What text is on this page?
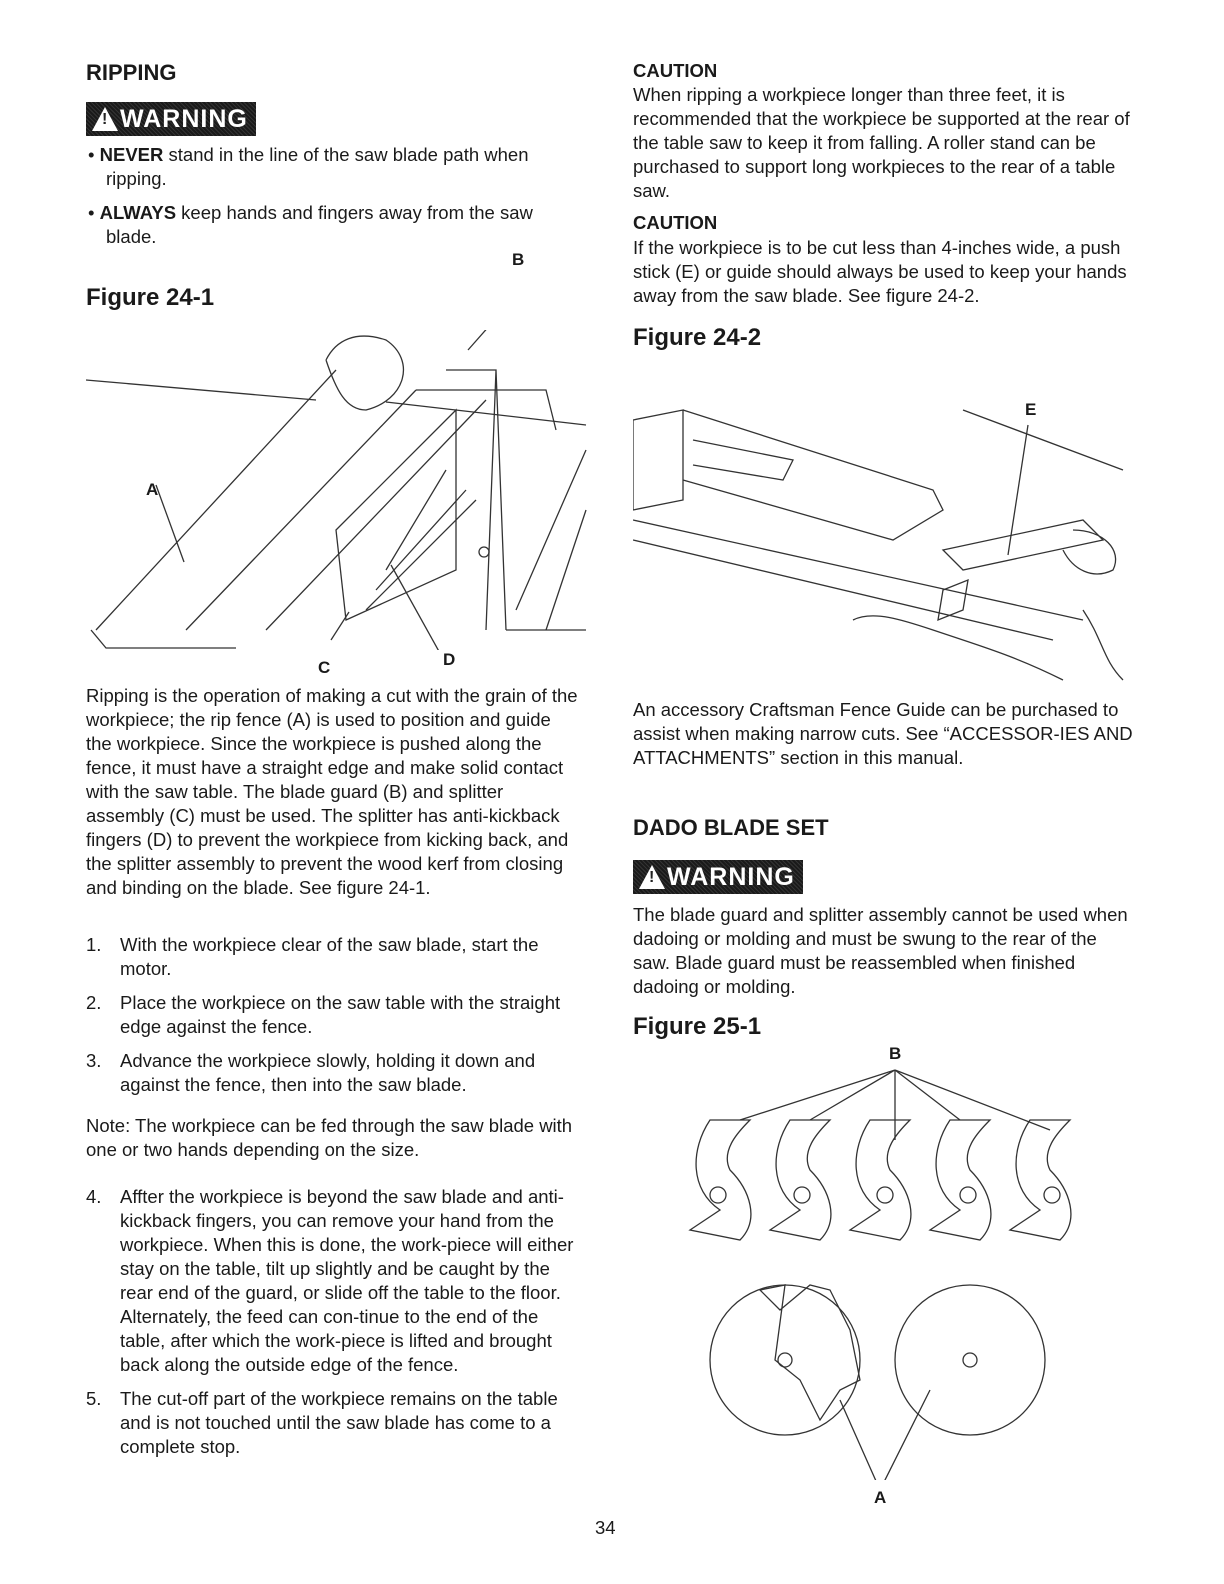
RIPPING
! WARNING
• NEVER stand in the line of the saw blade path when ripping.
• ALWAYS keep hands and fingers away from the saw blade.
Figure 24-1
B
A
C	D
Ripping is the operation of making a cut with the grain of the workpiece; the rip fence (A) is used to position and guide the workpiece. Since the workpiece is pushed along the fence, it must have a straight edge and make solid contact with the saw table. The blade guard (B) and splitter assembly (C) must be used. The splitter has anti-kickback fingers (D) to prevent the workpiece from kicking back, and the splitter assembly to prevent the wood kerf from closing and binding on the blade. See figure 24-1.
1.	With the workpiece clear of the saw blade, start the motor.
2.	Place the workpiece on the saw table with the straight edge against the fence.
3.	Advance the workpiece slowly, holding it down and against the fence, then into the saw blade.
Note: The workpiece can be fed through the saw blade with one or two hands depending on the size.
4.	Affter the workpiece is beyond the saw blade and anti-kickback fingers, you can remove your hand from the workpiece. When this is done, the work-piece will either stay on the table, tilt up slightly and be caught by the rear end of the guard, or slide off the table to the floor. Alternately, the feed can con-tinue to the end of the table, after which the work-piece is lifted and brought back along the outside edge of the fence.
5.	The cut-off part of the workpiece remains on the table and is not touched until the saw blade has come to a complete stop.
CAUTION
When ripping a workpiece longer than three feet, it is recommended that the workpiece be supported at the rear of the table saw to keep it from falling. A roller stand can be purchased to support long workpieces to the rear of a table saw.
CAUTION
If the workpiece is to be cut less than 4-inches wide, a push stick (E) or guide should always be used to keep your hands away from the saw blade. See figure 24-2.
Figure 24-2
E
An accessory Craftsman Fence Guide can be purchased to assist when making narrow cuts. See “ACCESSOR-IES AND ATTACHMENTS” section in this manual.
DADO BLADE SET
! WARNING
The blade guard and splitter assembly cannot be used when dadoing or molding and must be swung to the rear of the saw. Blade guard must be reassembled when finished dadoing or molding.
Figure 25-1
B
A
34
